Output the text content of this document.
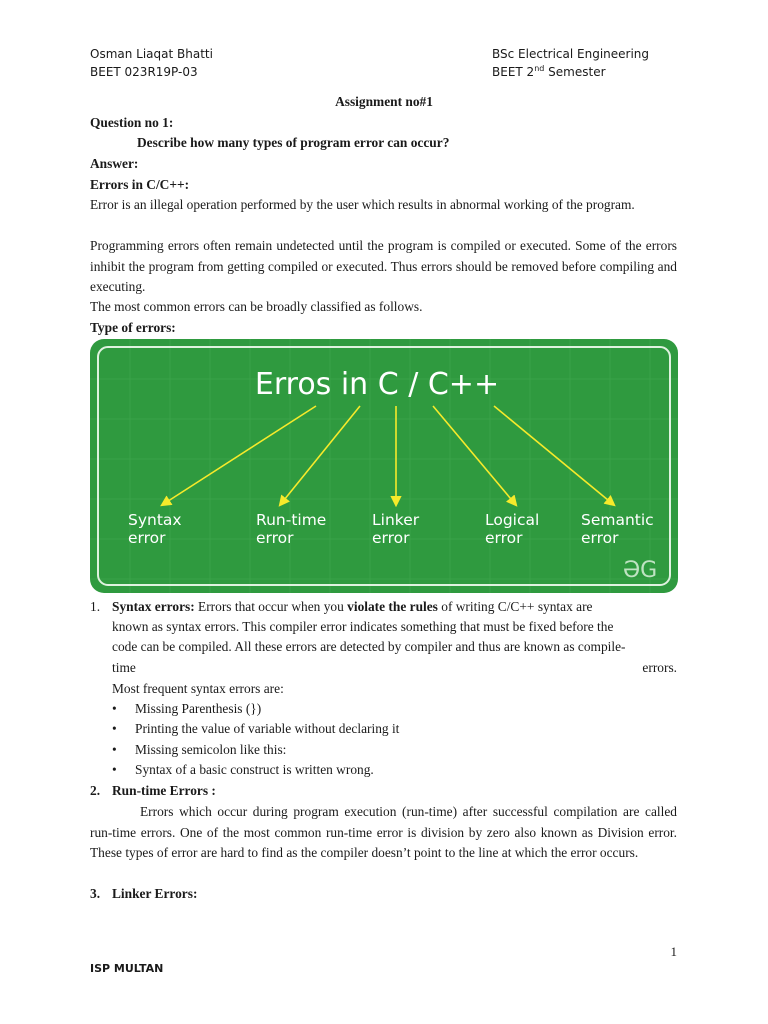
Osman Liaqat Bhatti
BEET 023R19P-03
BSc Electrical Engineering
BEET 2nd Semester
Assignment no#1
Question no 1:
Describe how many types of program error can occur?
Answer:
Errors in C/C++:
Error is an illegal operation performed by the user which results in abnormal working of the program.
Programming errors often remain undetected until the program is compiled or executed. Some of the errors inhibit the program from getting compiled or executed. Thus errors should be removed before compiling and executing.
The most common errors can be broadly classified as follows.
Type of errors:
Erros in C / C++
Syntax
error
Run-time
error
Linker
error
Logical
error
Semantic
error
ƏG
1. Syntax errors: Errors that occur when you violate the rules of writing C/C++ syntax are
known as syntax errors. This compiler error indicates something that must be fixed before the
code can be compiled. All these errors are detected by compiler and thus are known as compile-
time	errors.
Most frequent syntax errors are:
• Missing Parenthesis (})
• Printing the value of variable without declaring it
• Missing semicolon like this:
• Syntax of a basic construct is written wrong.
2. Run-time Errors :
Errors which occur during program execution (run-time) after successful compilation are called run-time errors. One of the most common run-time error is division by zero also known as Division error. These types of error are hard to find as the compiler doesn’t point to the line at which the error occurs.
3. Linker Errors:
1
ISP MULTAN
